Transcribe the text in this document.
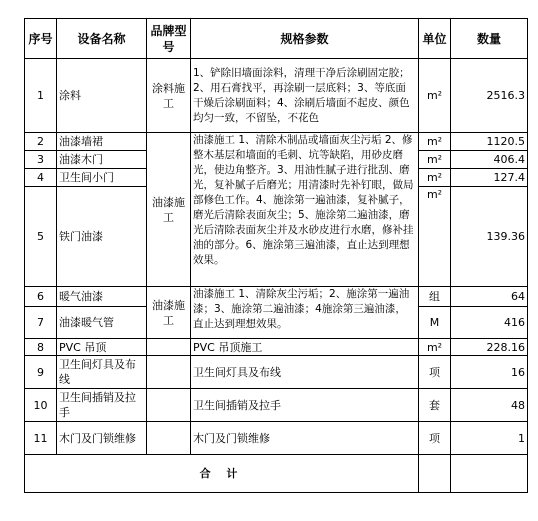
序号	设备名称	品牌型号	规格参数	单位	数量
1	涂料	涂料施工	1、铲除旧墙面涂料，清理干净后涂刷固定胶；2、用石膏找平，再涂刷一层底料；3、等底面干燥后涂刷面料；4、涂刷后墙面不起皮、颜色均匀一致，不留坠，不花色	m²	2516.3
2	油漆墙裙	油漆施工	油漆施工 1、清除木制品或墙面灰尘污垢 2、修整木基层和墙面的毛刺、坑等缺陷，用砂皮磨光，使边角整齐。3、用油性腻子进行批刮、磨光，复补腻子后磨光；用清漆时先补钉眼，做局部修色工作。4、施涂第一遍油漆，复补腻子，磨光后清除表面灰尘；5、施涂第二遍油漆，磨光后清除表面灰尘并及水砂皮进行水磨，修补挂油的部分。6、施涂第三遍油漆，直止达到理想效果。	m²	1120.5
3	油漆木门			m²	406.4
4	卫生间小门			m²	127.4
5	铁门油漆			m²	139.36
6	暖气油漆	油漆施工	油漆施工 1、清除灰尘污垢；2、施涂第一遍油漆；3、施涂第二遍油漆；4施涂第三遍油漆，直止达到理想效果。	组	64
7	油漆暖气管			M	416
8	PVC 吊顶		PVC 吊顶施工	m²	228.16
9	卫生间灯具及布线		卫生间灯具及布线	项	16
10	卫生间插销及拉手		卫生间插销及拉手	套	48
11	木门及门锁维修		木门及门锁维修	项	1
合 计					
